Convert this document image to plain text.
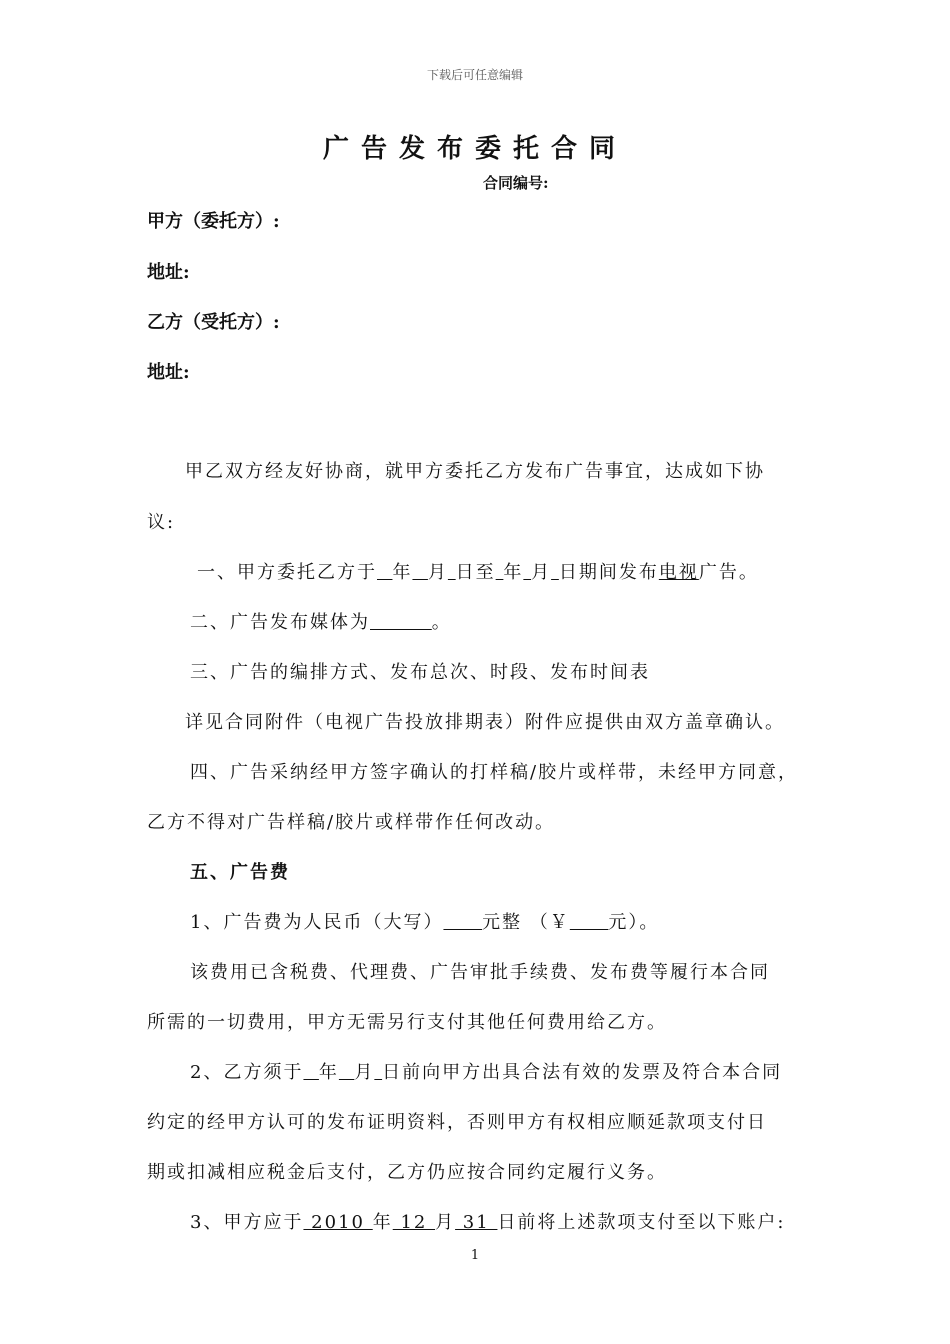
下载后可任意编辑
广告发布委托合同
合同编号:
甲方（委托方）:
地址:
乙方（受托方）:
地址:
甲乙双方经友好协商，就甲方委托乙方发布广告事宜，达成如下协
议:
一、甲方委托乙方于 年 月 日至 年 月 日期间发布电视广告。
二、广告发布媒体为	。
三、广告的编排方式、发布总次、时段、发布时间表
详见合同附件（电视广告投放排期表）附件应提供由双方盖章确认。
四、广告采纳经甲方签字确认的打样稿/胶片或样带，未经甲方同意，
乙方不得对广告样稿/胶片或样带作任何改动。
五、广告费
1、广告费为人民币（大写） 元整 （￥ 元）。
该费用已含税费、代理费、广告审批手续费、发布费等履行本合同
所需的一切费用，甲方无需另行支付其他任何费用给乙方。
2、乙方须于 年 月 日前向甲方出具合法有效的发票及符合本合同
约定的经甲方认可的发布证明资料，否则甲方有权相应顺延款项支付日
期或扣减相应税金后支付，乙方仍应按合同约定履行义务。
3、甲方应于 2010 年 12 月 31 日前将上述款项支付至以下账户:
1
